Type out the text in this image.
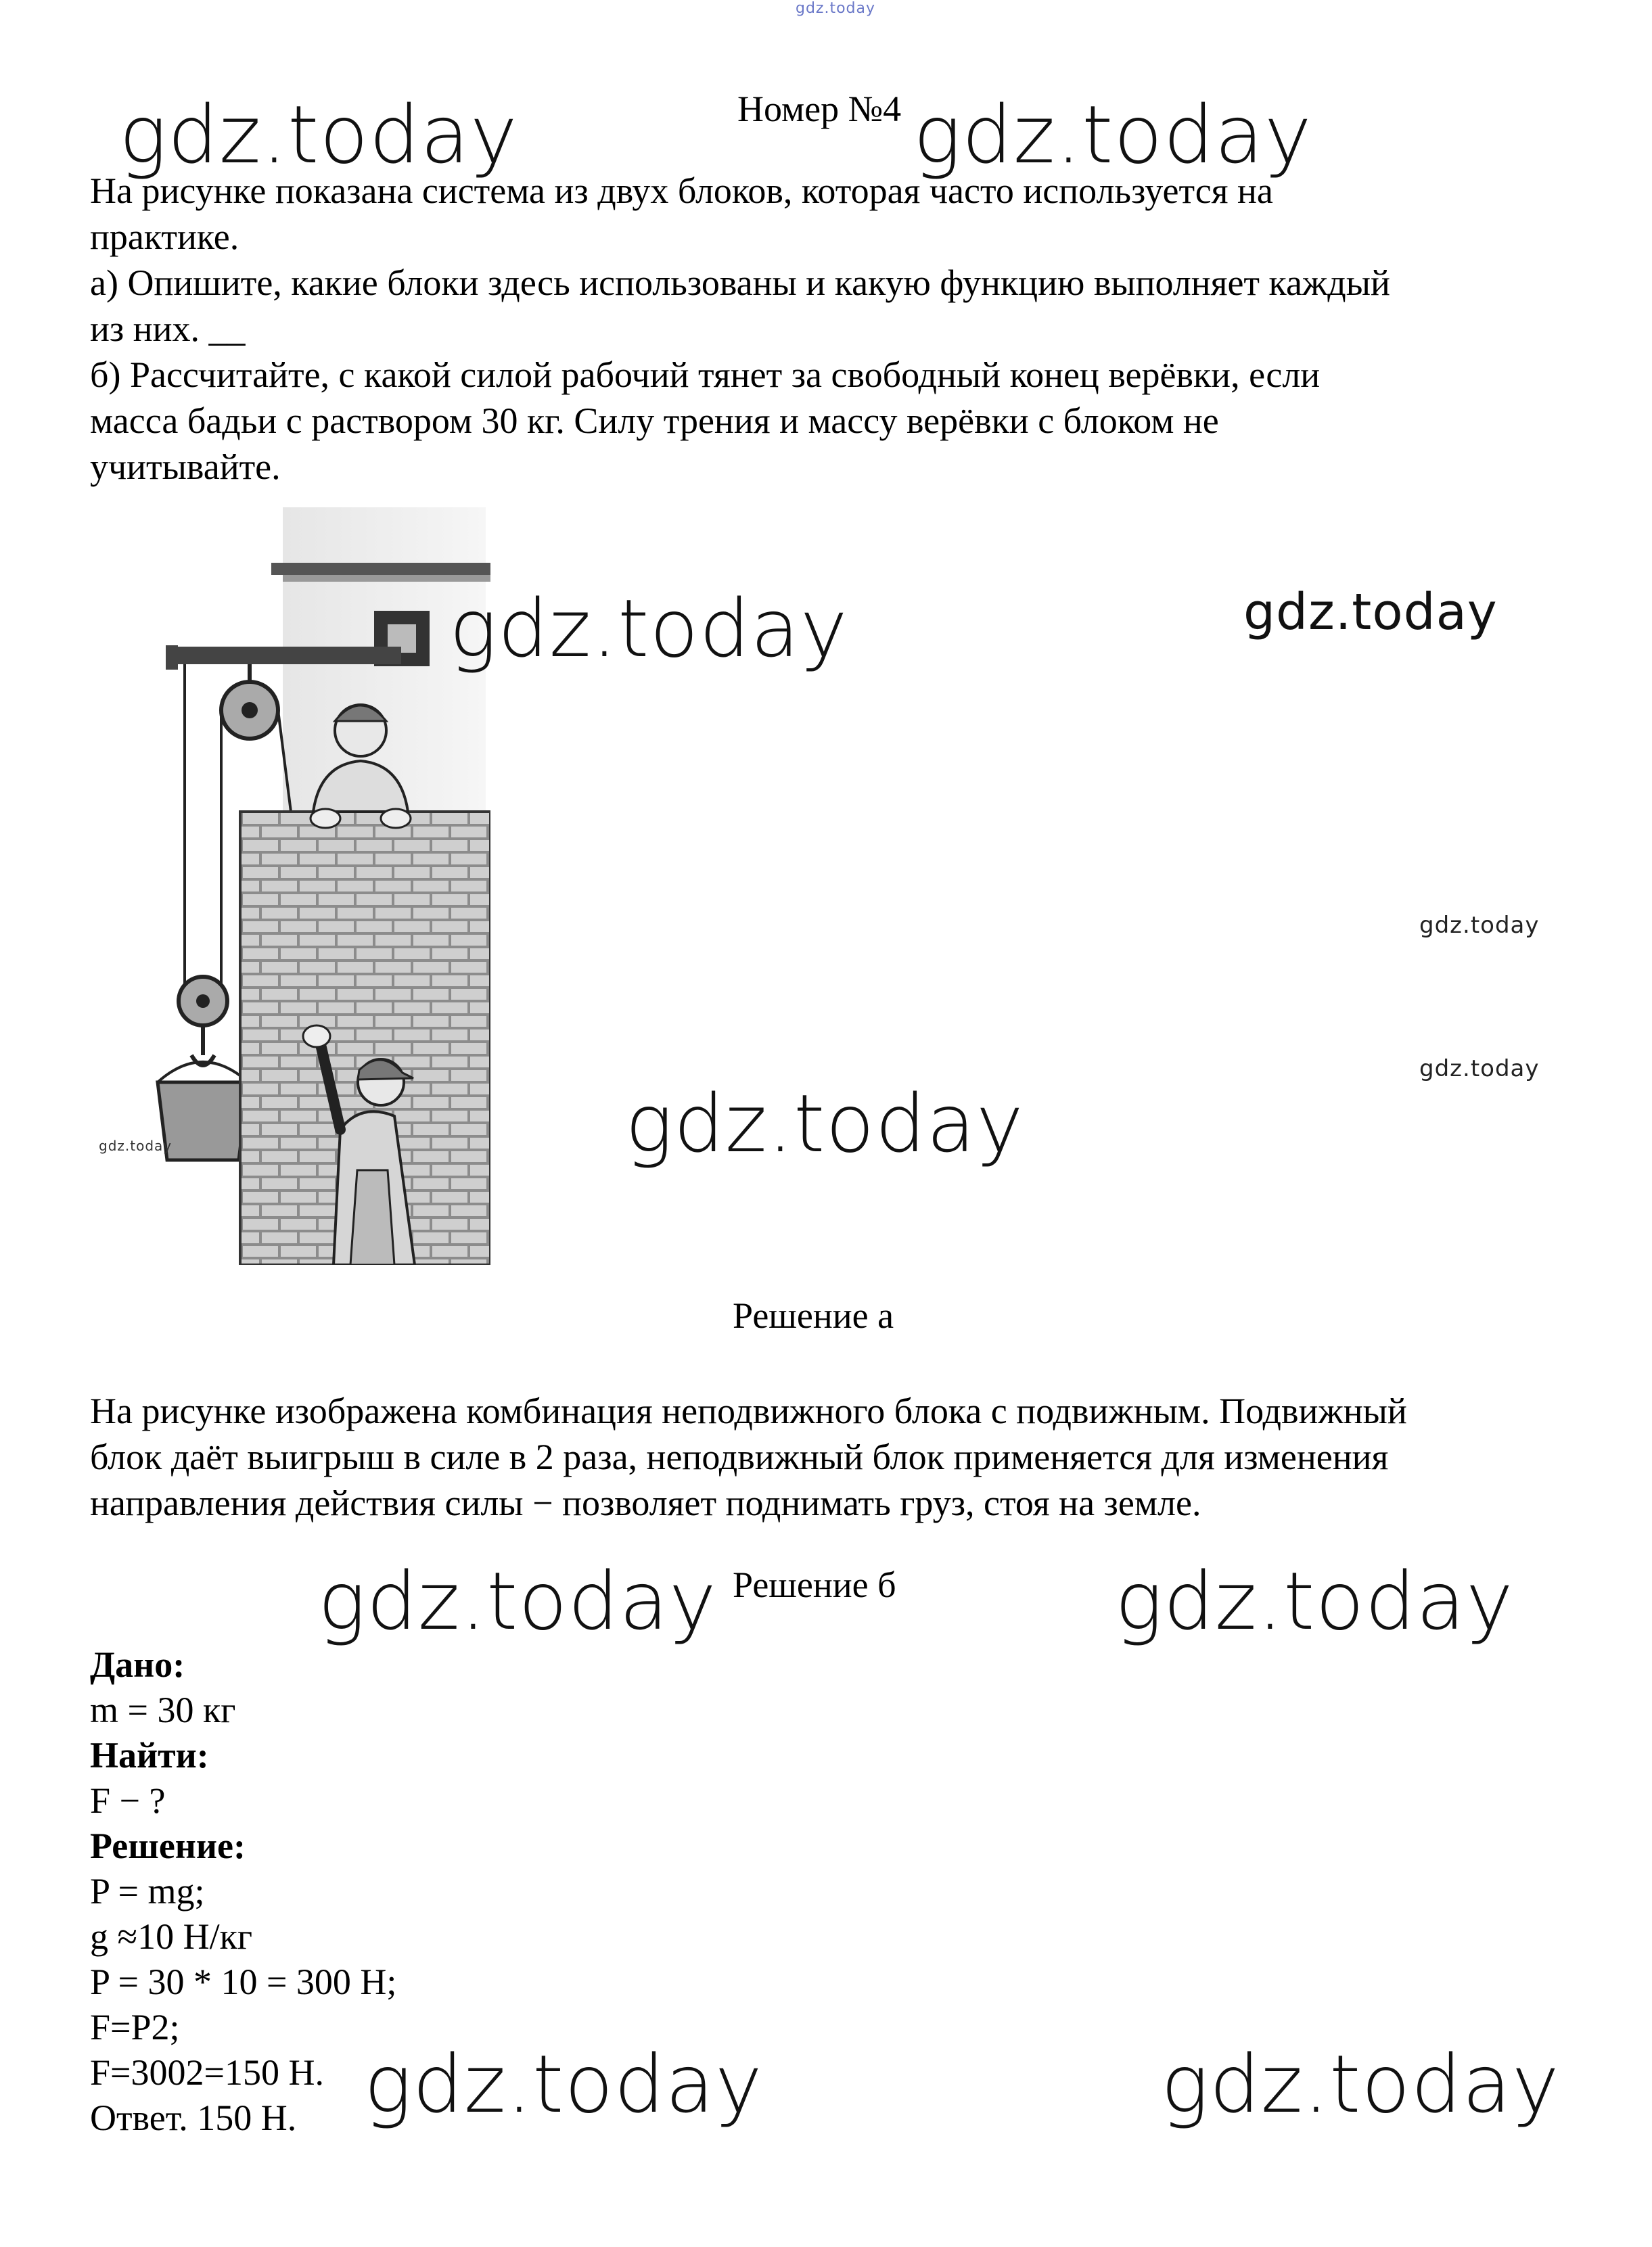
gdz.today
Номер №4
На рисунке показана система из двух блоков, которая часто используется на
практике.
а) Опишите, какие блоки здесь использованы и какую функцию выполняет каждый
из них. __
б) Рассчитайте, с какой силой рабочий тянет за свободный конец верёвки, если
масса бадьи с раствором 30 кг. Силу трения и массу верёвки с блоком не
учитывайте.
Решение а
На рисунке изображена комбинация неподвижного блока с подвижным. Подвижный
блок даёт выигрыш в силе в 2 раза, неподвижный блок применяется для изменения
направления действия силы − позволяет поднимать груз, стоя на земле.
Решение б
Дано:
m = 30 кг
Найти:
F − ?
Решение:
P = mg;
g ≈10 Н/кг
P = 30 * 10 = 300 Н;
F=P2;
F=3002=150 Н.
Ответ. 150 Н.
gdz.today	gdz.today
gdz.today	gdz.today
gdz.today
gdz.today
gdz.today	gdz.today
gdz.today	gdz.today
gdz.today	gdz.today
